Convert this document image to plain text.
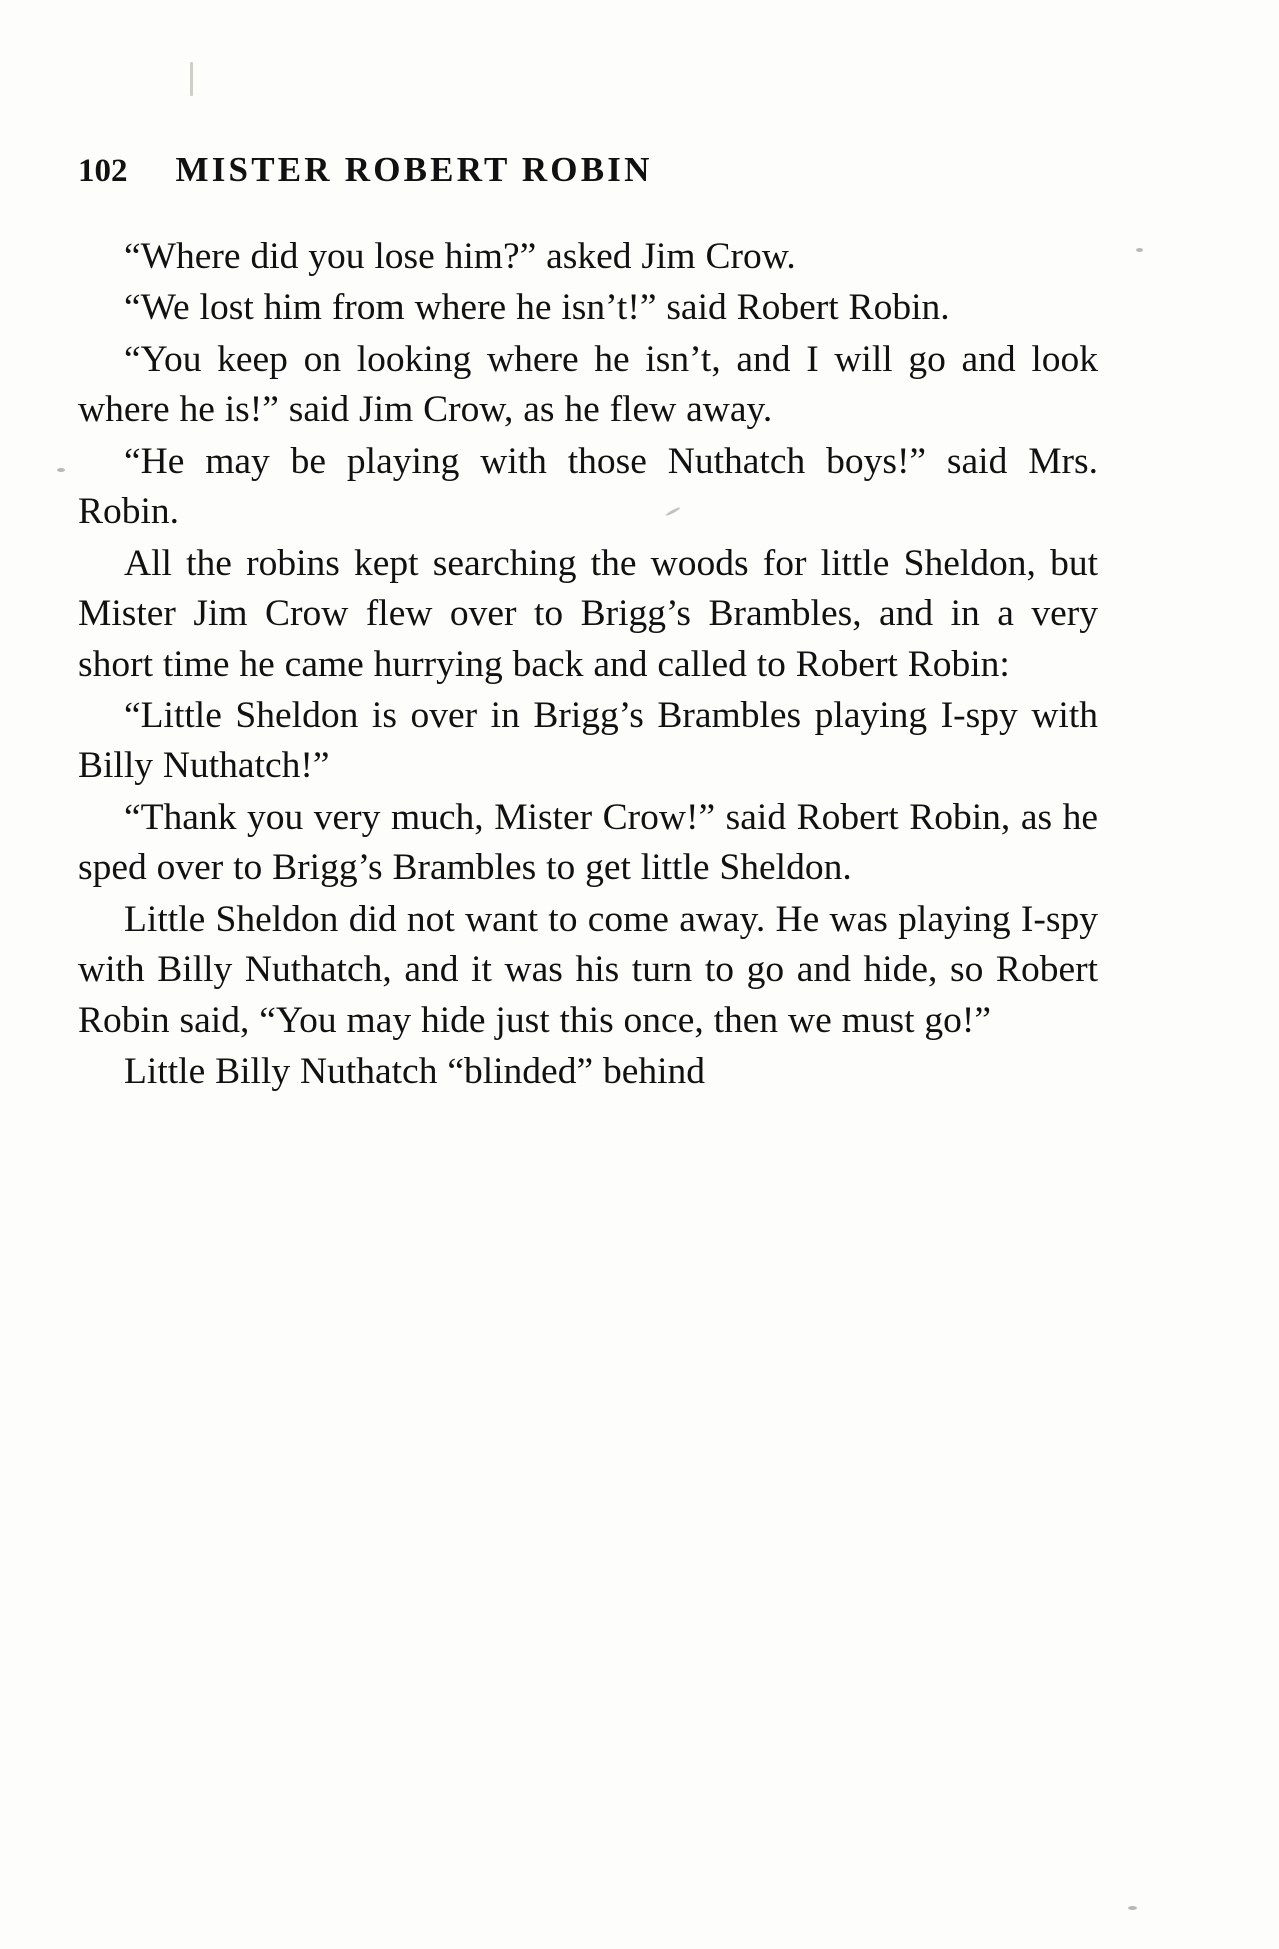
102 MISTER ROBERT ROBIN

“Where did you lose him?” asked Jim Crow.

“We lost him from where he isn’t!” said Robert Robin.

“You keep on looking where he isn’t, and I will go and look where he is!” said Jim Crow, as he flew away.

“He may be playing with those Nuthatch boys!” said Mrs. Robin.

All the robins kept searching the woods for little Sheldon, but Mister Jim Crow flew over to Brigg’s Brambles, and in a very short time he came hurrying back and called to Robert Robin:

“Little Sheldon is over in Brigg’s Brambles playing I-spy with Billy Nuthatch!”

“Thank you very much, Mister Crow!” said Robert Robin, as he sped over to Brigg’s Brambles to get little Sheldon.

Little Sheldon did not want to come away. He was playing I-spy with Billy Nuthatch, and it was his turn to go and hide, so Robert Robin said, “You may hide just this once, then we must go!”

Little Billy Nuthatch “blinded” behind
